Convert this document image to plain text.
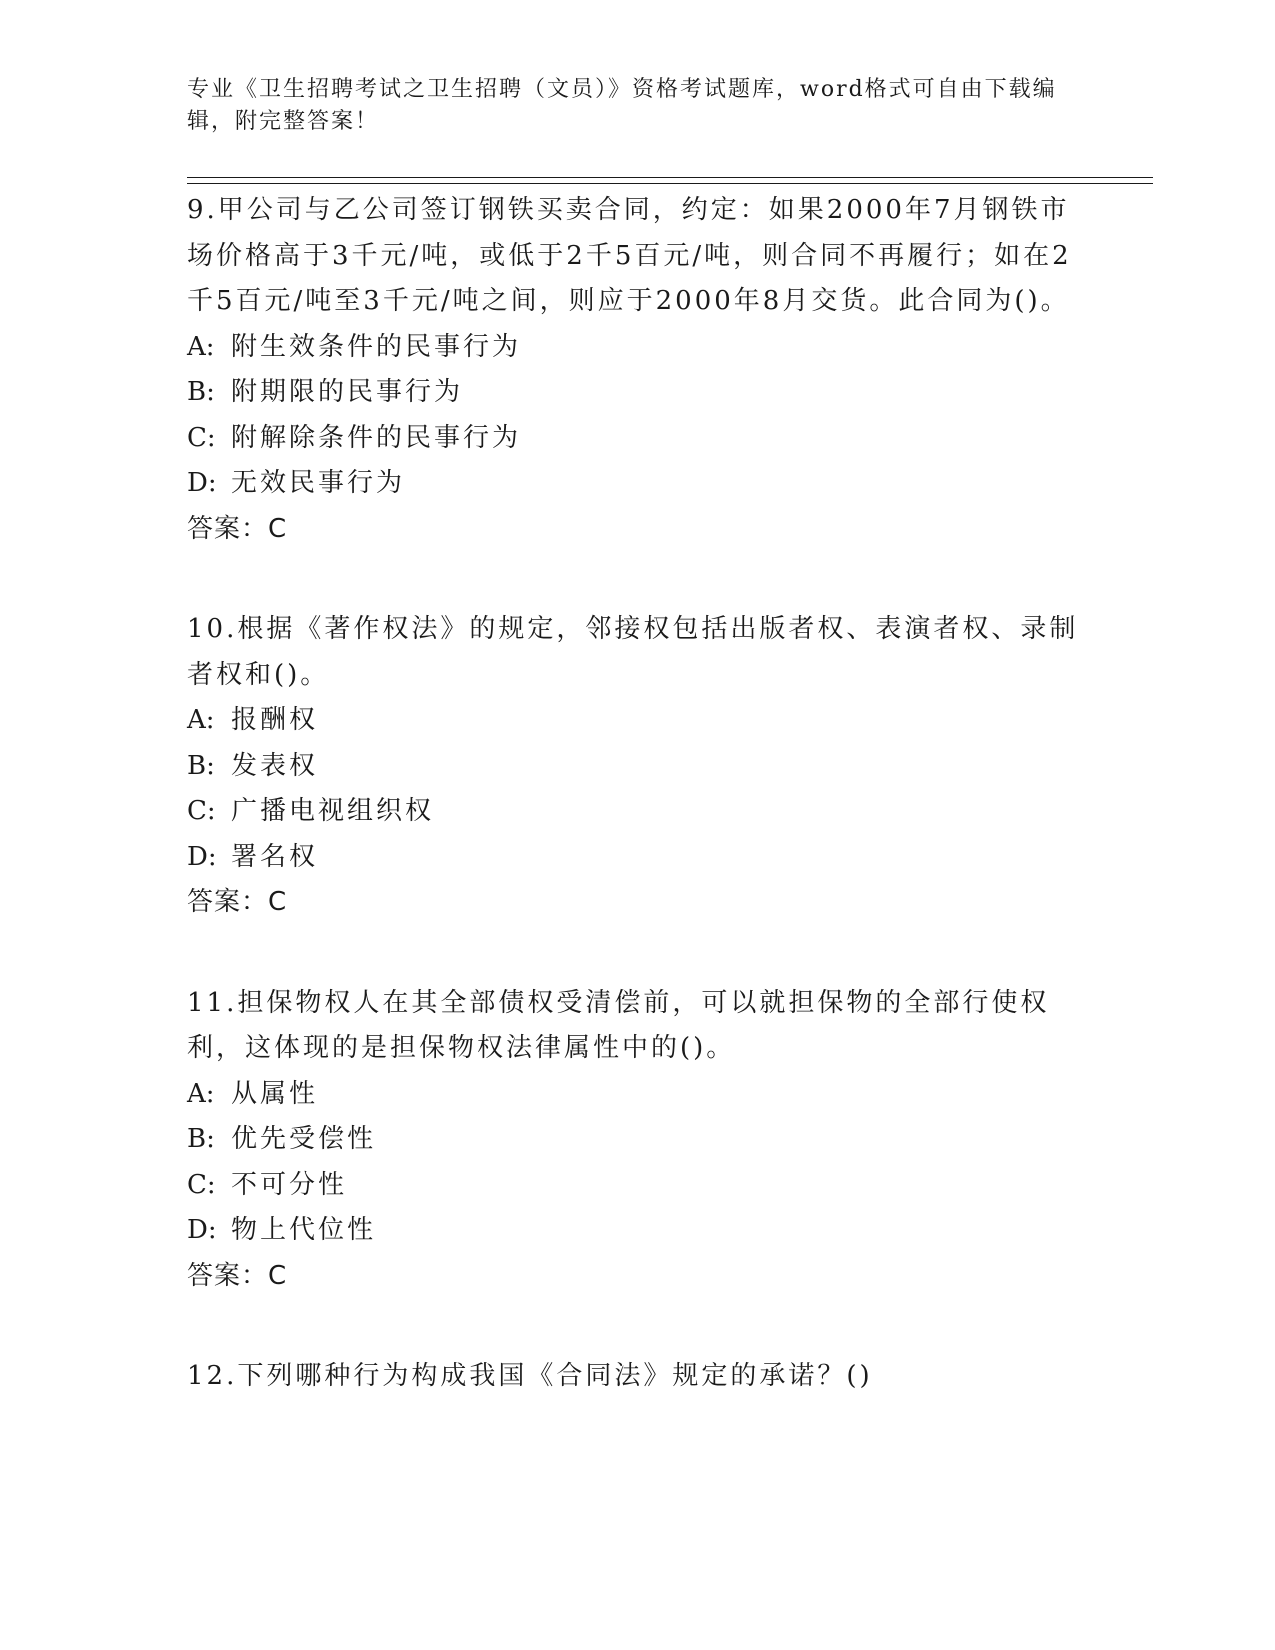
专业《卫生招聘考试之卫生招聘（文员）》资格考试题库，word格式可自由下载编辑，附完整答案！

9.甲公司与乙公司签订钢铁买卖合同，约定：如果2000年7月钢铁市场价格高于3千元/吨，或低于2千5百元/吨，则合同不再履行；如在2千5百元/吨至3千元/吨之间，则应于2000年8月交货。此合同为()。

A: 附生效条件的民事行为

B: 附期限的民事行为

C: 附解除条件的民事行为

D: 无效民事行为

答案：C

10.根据《著作权法》的规定，邻接权包括出版者权、表演者权、录制者权和()。

A: 报酬权

B: 发表权

C: 广播电视组织权

D: 署名权

答案：C

11.担保物权人在其全部债权受清偿前，可以就担保物的全部行使权利，这体现的是担保物权法律属性中的()。

A: 从属性

B: 优先受偿性

C: 不可分性

D: 物上代位性

答案：C

12.下列哪种行为构成我国《合同法》规定的承诺？()
